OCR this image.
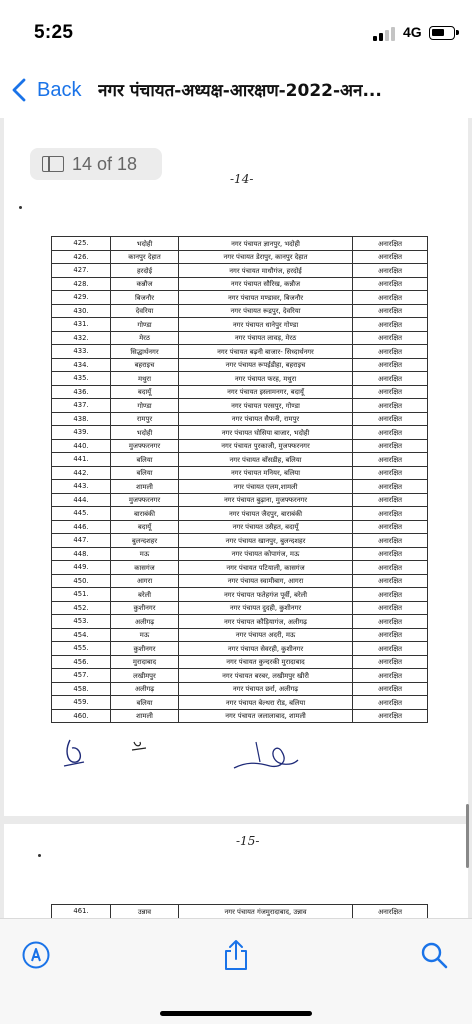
5:25	4G
Back नगर पंचायत-अध्यक्ष-आरक्षण-2022-अन...
14 of 18
-14-
425.	भदोही	नगर पंचायत ज्ञानपुर, भदोही	अनारक्षित
426.	कानपुर देहात	नगर पंचायत डेरापुर, कानपुर देहात	अनारक्षित
427.	हरदोई	नगर पंचायत माधौगंज, हरदोई	अनारक्षित
428.	कन्नौज	नगर पंचायत सौरिख, कन्नौज	अनारक्षित
429.	बिजनौर	नगर पंचायत मण्डावर, बिजनौर	अनारक्षित
430.	देवरिया	नगर पंचायत रूद्रपुर, देवरिया	अनारक्षित
431.	गोण्डा	नगर पंचायत धानेपुर गोण्डा	अनारक्षित
432.	मेरठ	नगर पंचायत लावड़, मेरठ	अनारक्षित
433.	सिद्धार्थनगर	नगर पंचायत बढ़नी बाजार- सिध्दार्थनगर	अनारक्षित
434.	बहराइच	नगर पंचायत रूपईडीहा, बहराइच	अनारक्षित
435.	मथुरा	नगर पंचायत फरह, मथुरा	अनारक्षित
436.	बदायूँ	नगर पंचायत इस्लामनगर, बदायूँ	अनारक्षित
437.	गोण्डा	नगर पंचायत परसपुर, गोण्डा	अनारक्षित
438.	रामपुर	नगर पंचायत सैफनी, रामपुर	अनारक्षित
439.	भदोही	नगर पंचायत घोसिया बाजार, भदोही	अनारक्षित
440.	मुजफ्फरनगर	नगर पंचायत पुरकाजी, मुजफ्फरनगर	अनारक्षित
441.	बलिया	नगर पंचायत बाँसडीह, बलिया	अनारक्षित
442.	बलिया	नगर पंचायत मनियर, बलिया	अनारक्षित
443.	शामली	नगर पंचायत एलम,शामली	अनारक्षित
444.	मुजफ्फरनगर	नगर पंचायत बुढ़ाना, मुजफ्फरनगर	अनारक्षित
445.	बाराबंकी	नगर पंचायत जैदपुर, बाराबंकी	अनारक्षित
446.	बदायूँ	नगर पंचायत उसैहत, बदायूँ	अनारक्षित
447.	बुलन्दशहर	नगर पंचायत खानपुर, बुलन्दशहर	अनारक्षित
448.	मऊ	नगर पंचायत कोपागंज, मऊ	अनारक्षित
449.	कासगंज	नगर पंचायत पटियाली, कासगंज	अनारक्षित
450.	आगरा	नगर पंचायत स्वामीबाग, आगरा	अनारक्षित
451.	बरेली	नगर पंचायत फतेहगंज पूर्वी, बरेली	अनारक्षित
452.	कुशीनगर	नगर पंचायत दुदही, कुशीनगर	अनारक्षित
453.	अलीगढ़	नगर पंचायत कौड़ियागंज, अलीगढ़	अनारक्षित
454.	मऊ	नगर पंचायत अदरी, मऊ	अनारक्षित
455.	कुशीनगर	नगर पंचायत सेवरही, कुशीनगर	अनारक्षित
456.	मुरादाबाद	नगर पंचायत कुन्दरकी मुरादाबाद	अनारक्षित
457.	लखीमपुर	नगर पंचायत बरबर, लखीमपुर खीरी	अनारक्षित
458.	अलीगढ़	नगर पंचायत छर्रा, अलीगढ़	अनारक्षित
459.	बलिया	नगर पंचायत बेल्थरा रोड, बलिया	अनारक्षित
460.	शामली	नगर पंचायत जलालाबाद, शामली	अनारक्षित
-15-
461.	उन्नाव	नगर पंचायत गंजमुरादाबाद, उन्नाव	अनारक्षित
